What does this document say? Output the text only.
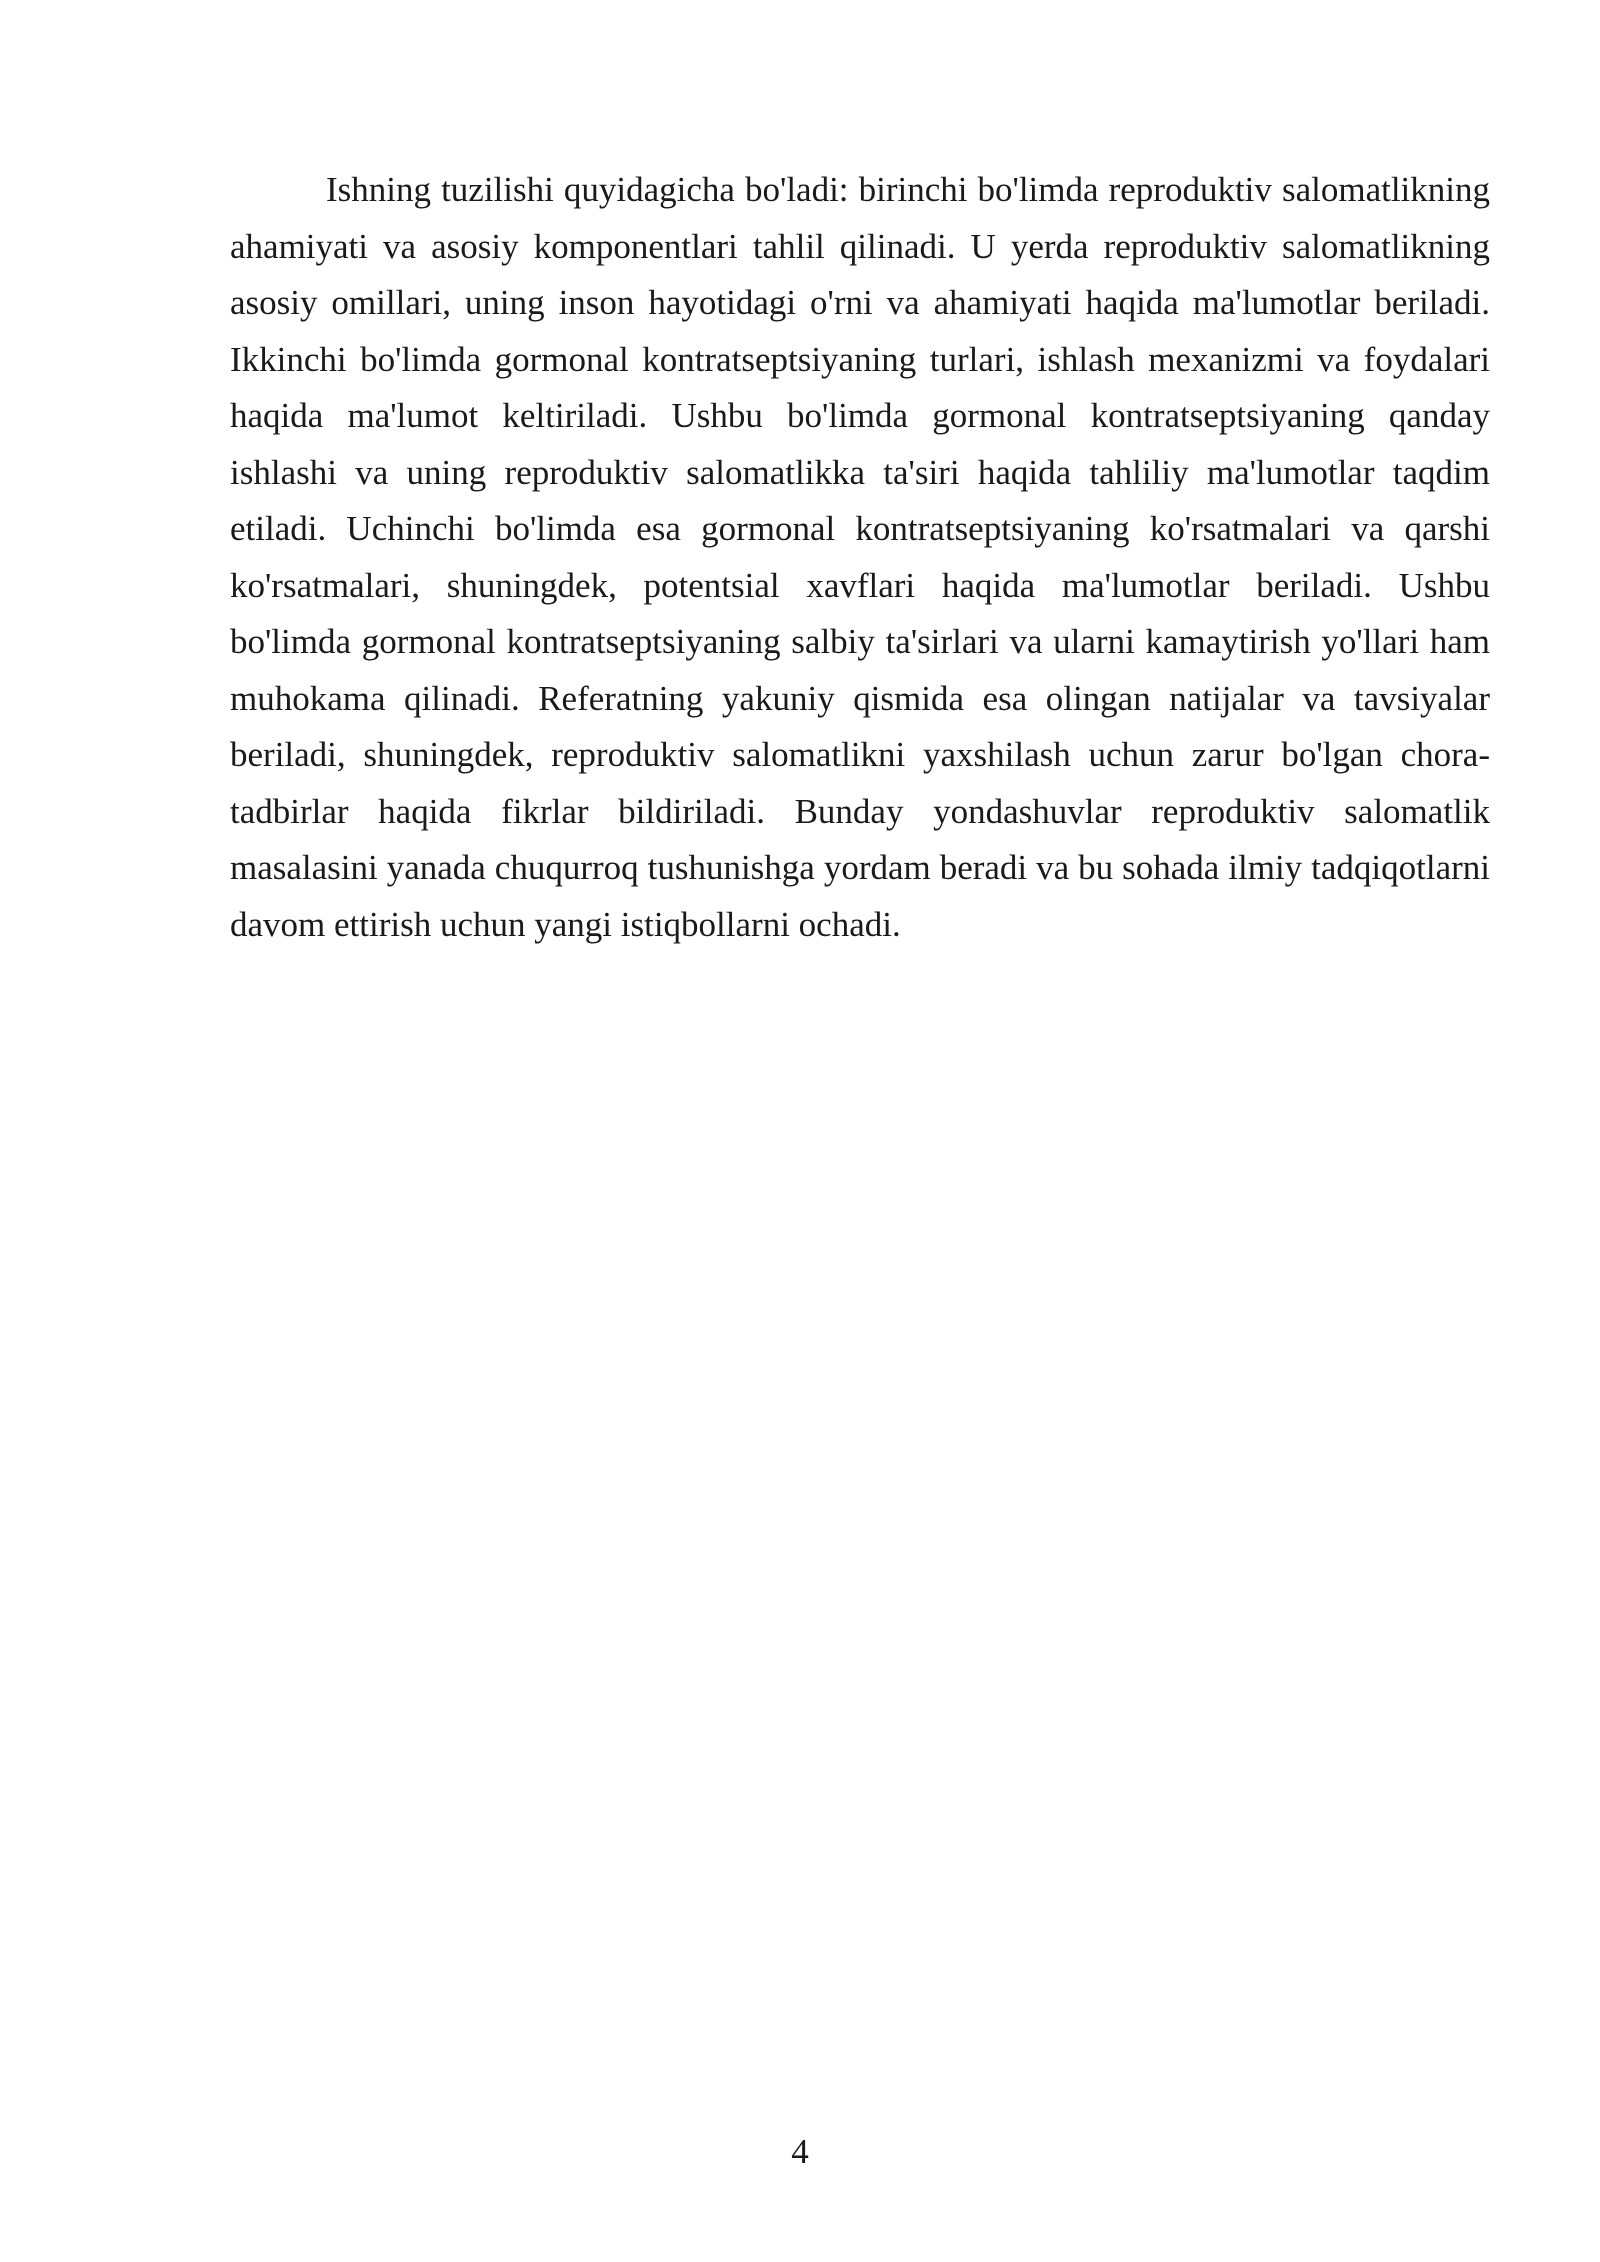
Ishning tuzilishi quyidagicha bo'ladi: birinchi bo'limda reproduktiv salomatlikning ahamiyati va asosiy komponentlari tahlil qilinadi. U yerda reproduktiv salomatlikning asosiy omillari, uning inson hayotidagi o'rni va ahamiyati haqida ma'lumotlar beriladi. Ikkinchi bo'limda gormonal kontratseptsiyaning turlari, ishlash mexanizmi va foydalari haqida ma'lumot keltiriladi. Ushbu bo'limda gormonal kontratseptsiyaning qanday ishlashi va uning reproduktiv salomatlikka ta'siri haqida tahliliy ma'lumotlar taqdim etiladi. Uchinchi bo'limda esa gormonal kontratseptsiyaning ko'rsatmalari va qarshi ko'rsatmalari, shuningdek, potentsial xavflari haqida ma'lumotlar beriladi. Ushbu bo'limda gormonal kontratseptsiyaning salbiy ta'sirlari va ularni kamaytirish yo'llari ham muhokama qilinadi. Referatning yakuniy qismida esa olingan natijalar va tavsiyalar beriladi, shuningdek, reproduktiv salomatlikni yaxshilash uchun zarur bo'lgan chora-tadbirlar haqida fikrlar bildiriladi. Bunday yondashuvlar reproduktiv salomatlik masalasini yanada chuqurroq tushunishga yordam beradi va bu sohada ilmiy tadqiqotlarni davom ettirish uchun yangi istiqbollarni ochadi.

4
